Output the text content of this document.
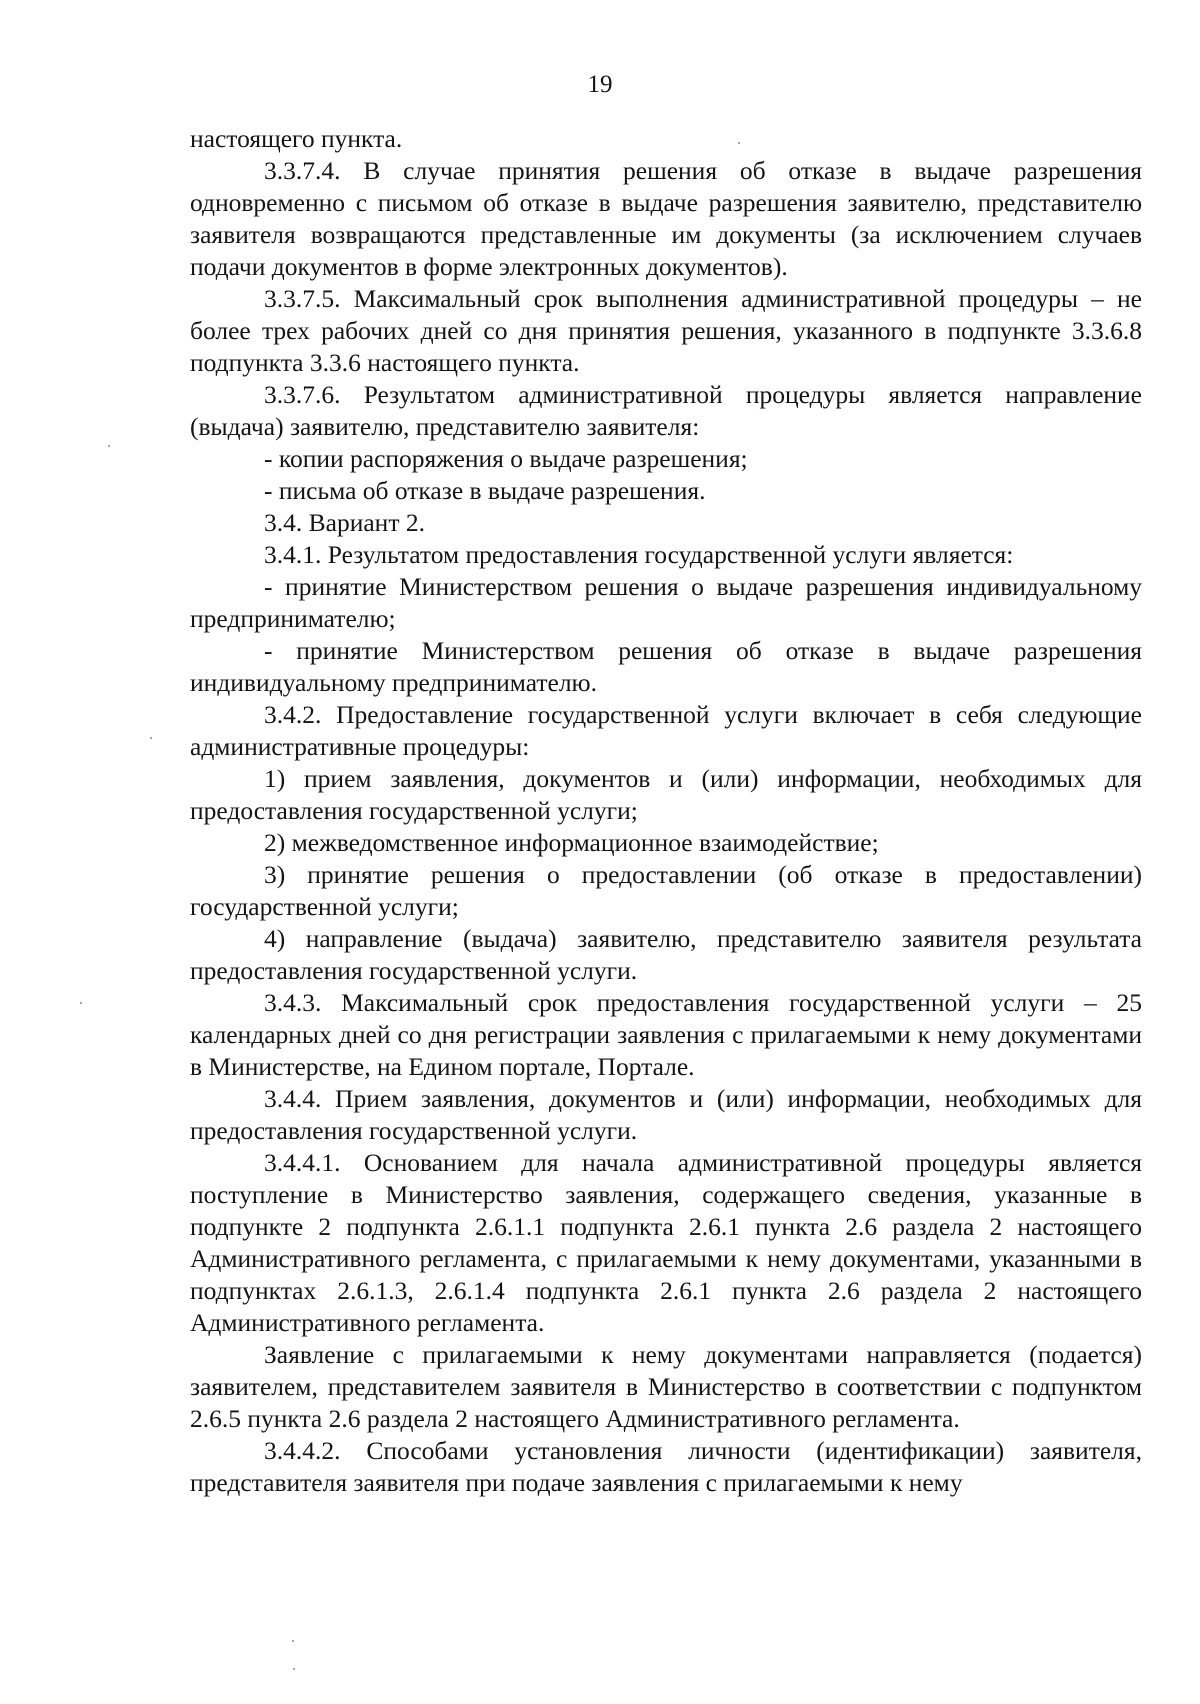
19

настоящего пункта.

3.3.7.4. В случае принятия решения об отказе в выдаче разрешения одновременно с письмом об отказе в выдаче разрешения заявителю, представителю заявителя возвращаются представленные им документы (за исключением случаев подачи документов в форме электронных документов).

3.3.7.5. Максимальный срок выполнения административной процедуры – не более трех рабочих дней со дня принятия решения, указанного в подпункте 3.3.6.8 подпункта 3.3.6 настоящего пункта.

3.3.7.6. Результатом административной процедуры является направление (выдача) заявителю, представителю заявителя:

- копии распоряжения о выдаче разрешения;

- письма об отказе в выдаче разрешения.

3.4. Вариант 2.

3.4.1. Результатом предоставления государственной услуги является:

- принятие Министерством решения о выдаче разрешения индивидуальному предпринимателю;

- принятие Министерством решения об отказе в выдаче разрешения индивидуальному предпринимателю.

3.4.2. Предоставление государственной услуги включает в себя следующие административные процедуры:

1) прием заявления, документов и (или) информации, необходимых для предоставления государственной услуги;

2) межведомственное информационное взаимодействие;

3) принятие решения о предоставлении (об отказе в предоставлении) государственной услуги;

4) направление (выдача) заявителю, представителю заявителя результата предоставления государственной услуги.

3.4.3. Максимальный срок предоставления государственной услуги – 25 календарных дней со дня регистрации заявления с прилагаемыми к нему документами в Министерстве, на Едином портале, Портале.

3.4.4. Прием заявления, документов и (или) информации, необходимых для предоставления государственной услуги.

3.4.4.1. Основанием для начала административной процедуры является поступление в Министерство заявления, содержащего сведения, указанные в подпункте 2 подпункта 2.6.1.1 подпункта 2.6.1 пункта 2.6 раздела 2 настоящего Административного регламента, с прилагаемыми к нему документами, указанными в подпунктах 2.6.1.3, 2.6.1.4 подпункта 2.6.1 пункта 2.6 раздела 2 настоящего Административного регламента.

Заявление с прилагаемыми к нему документами направляется (подается) заявителем, представителем заявителя в Министерство в соответствии с подпунктом 2.6.5 пункта 2.6 раздела 2 настоящего Административного регламента.

3.4.4.2. Способами установления личности (идентификации) заявителя, представителя заявителя при подаче заявления с прилагаемыми к нему
